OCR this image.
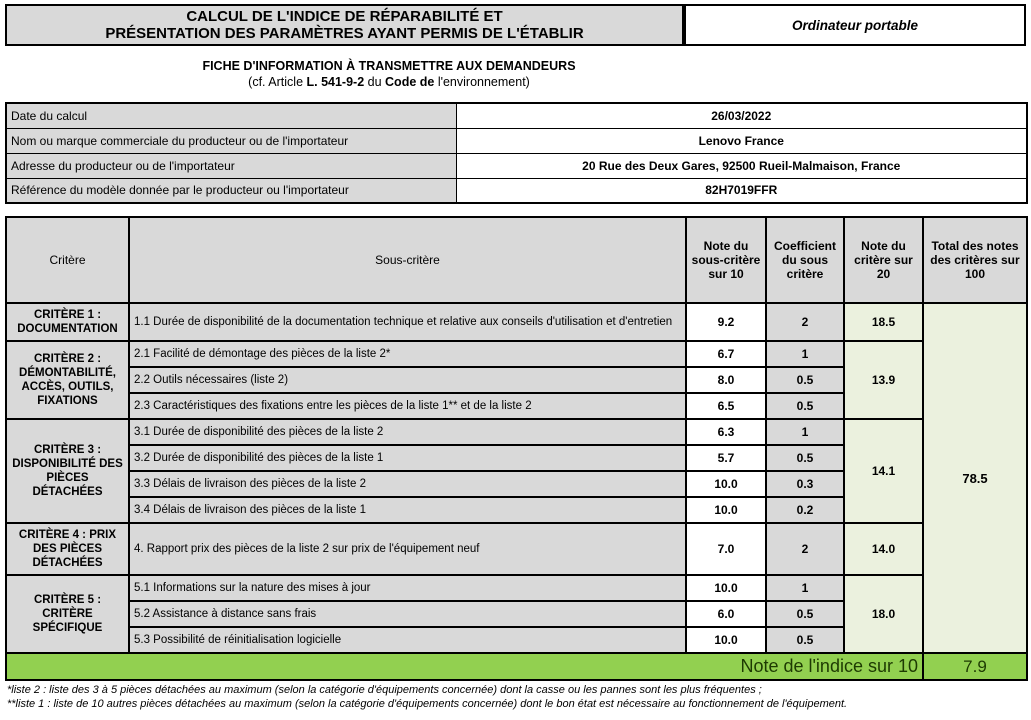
CALCUL DE L'INDICE DE RÉPARABILITÉ ET
PRÉSENTATION DES PARAMÈTRES AYANT PERMIS DE L'ÉTABLIR	Ordinateur portable
FICHE D'INFORMATION À TRANSMETTRE AUX DEMANDEURS
(cf. Article L. 541-9-2 du Code de l'environnement)
Date du calcul	26/03/2022
Nom ou marque commerciale du producteur ou de l'importateur	Lenovo France
Adresse du producteur ou de l'importateur	20 Rue des Deux Gares, 92500 Rueil-Malmaison, France
Référence du modèle donnée par le producteur ou l'importateur	82H7019FFR
Critère	Sous-critère	Note du sous-critère sur 10	Coefficient du sous critère	Note du critère sur 20	Total des notes des critères sur 100
CRITÈRE 1 : DOCUMENTATION	1.1 Durée de disponibilité de la documentation technique et relative aux conseils d'utilisation et d'entretien	9.2	2	18.5	78.5
CRITÈRE 2 : DÉMONTABILITÉ, ACCÈS, OUTILS, FIXATIONS	2.1 Facilité de démontage des pièces de la liste 2*	6.7	1	13.9	
	2.2 Outils nécessaires (liste 2)	8.0	0.5		
	2.3 Caractéristiques des fixations entre les pièces de la liste 1** et de la liste 2	6.5	0.5		
CRITÈRE 3 : DISPONIBILITÉ DES PIÈCES DÉTACHÉES	3.1 Durée de disponibilité des pièces de la liste 2	6.3	1	14.1	
	3.2 Durée de disponibilité des pièces de la liste 1	5.7	0.5		
	3.3 Délais de livraison des pièces de la liste 2	10.0	0.3		
	3.4 Délais de livraison des pièces de la liste 1	10.0	0.2		
CRITÈRE 4 : PRIX DES PIÈCES DÉTACHÉES	4. Rapport prix des pièces de la liste 2 sur prix de l'équipement neuf	7.0	2	14.0	
CRITÈRE 5 : CRITÈRE SPÉCIFIQUE	5.1 Informations sur la nature des mises à jour	10.0	1	18.0	
	5.2 Assistance à distance sans frais	6.0	0.5		
	5.3 Possibilité de réinitialisation logicielle	10.0	0.5		
Note de l'indice sur 10					7.9
*liste 2 : liste des 3 à 5 pièces détachées au maximum (selon la catégorie d'équipements concernée) dont la casse ou les pannes sont les plus fréquentes ;
**liste 1 : liste de 10 autres pièces détachées au maximum (selon la catégorie d'équipements concernée) dont le bon état est nécessaire au fonctionnement de l'équipement.
